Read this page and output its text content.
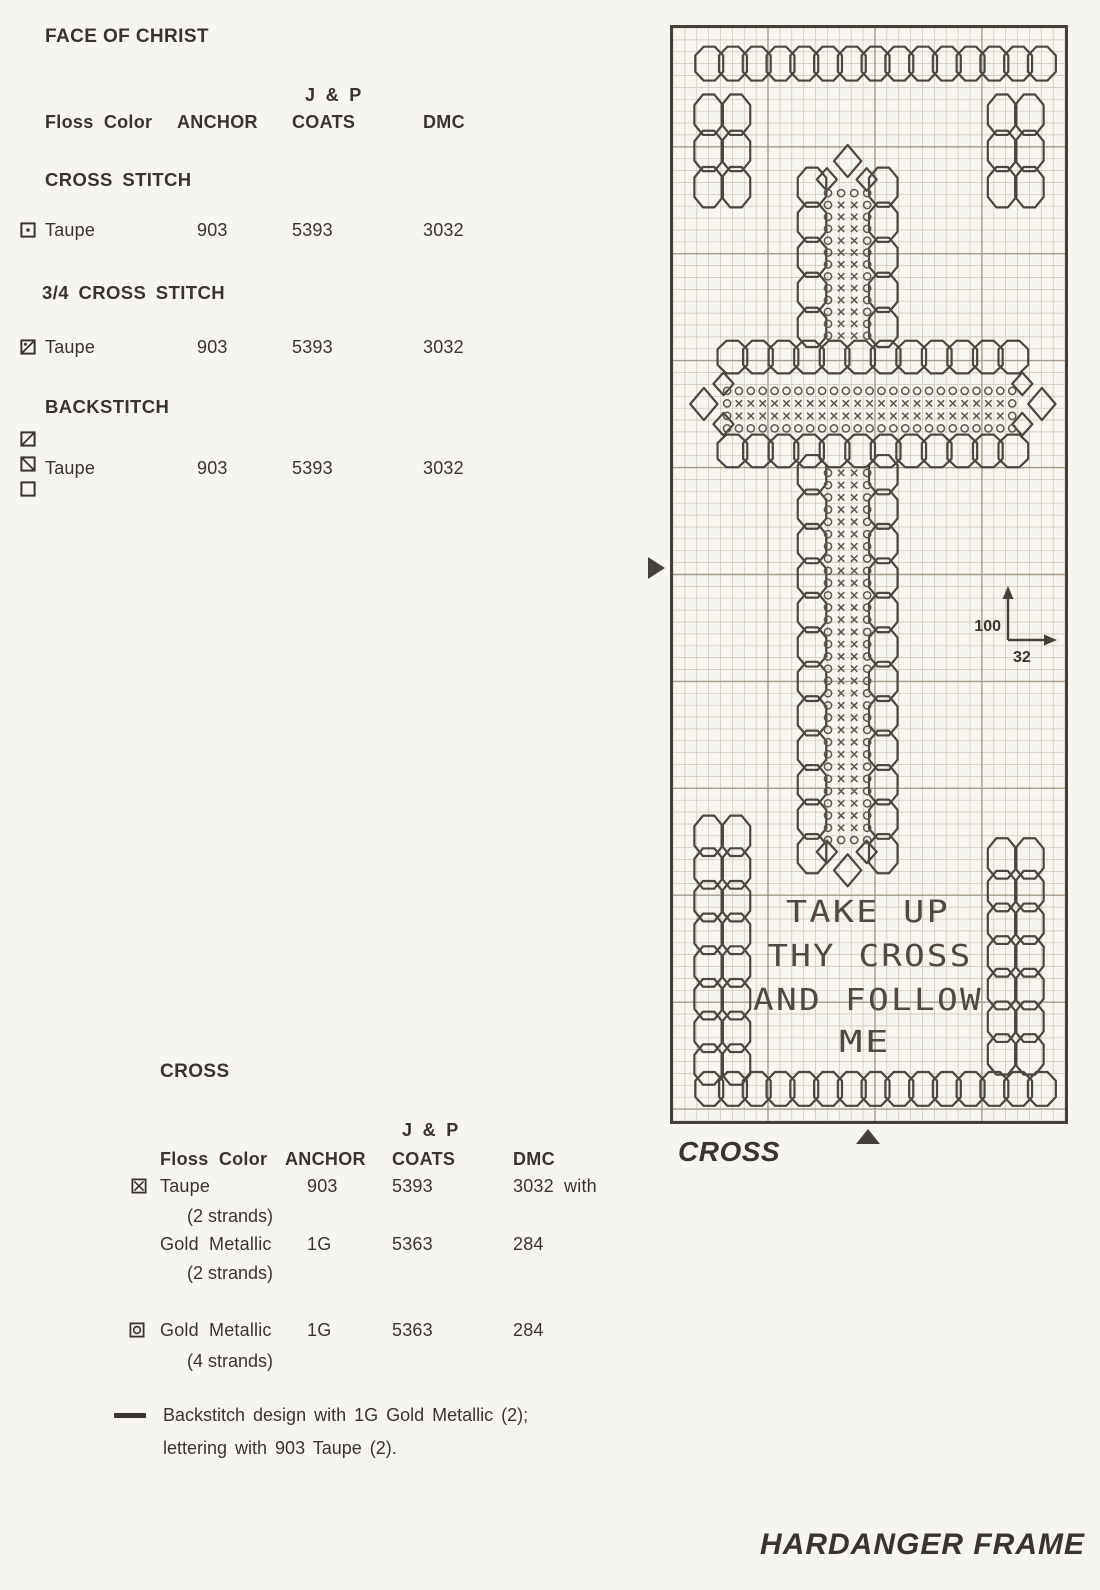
FACE OF CHRIST
J & P
Floss Color ANCHOR COATS	DMC
CROSS STITCH
Taupe	903	5393	3032
3/4 CROSS STITCH
Taupe	903	5393	3032
BACKSTITCH
Taupe	903	5393	3032
CROSS
J & P
Floss Color ANCHOR COATS	DMC
Taupe	903	5393	3032 with
(2 strands)
Gold Metallic 1G	5363	284
(2 strands)
Gold Metallic 1G	5363	284
(4 strands)
Backstitch design with 1G Gold Metallic (2);
lettering with 903 Taupe (2).
TAKE UP
THY CROSS
AND FOLLOW
ME
100
32
CROSS
HARDANGER FRAME
